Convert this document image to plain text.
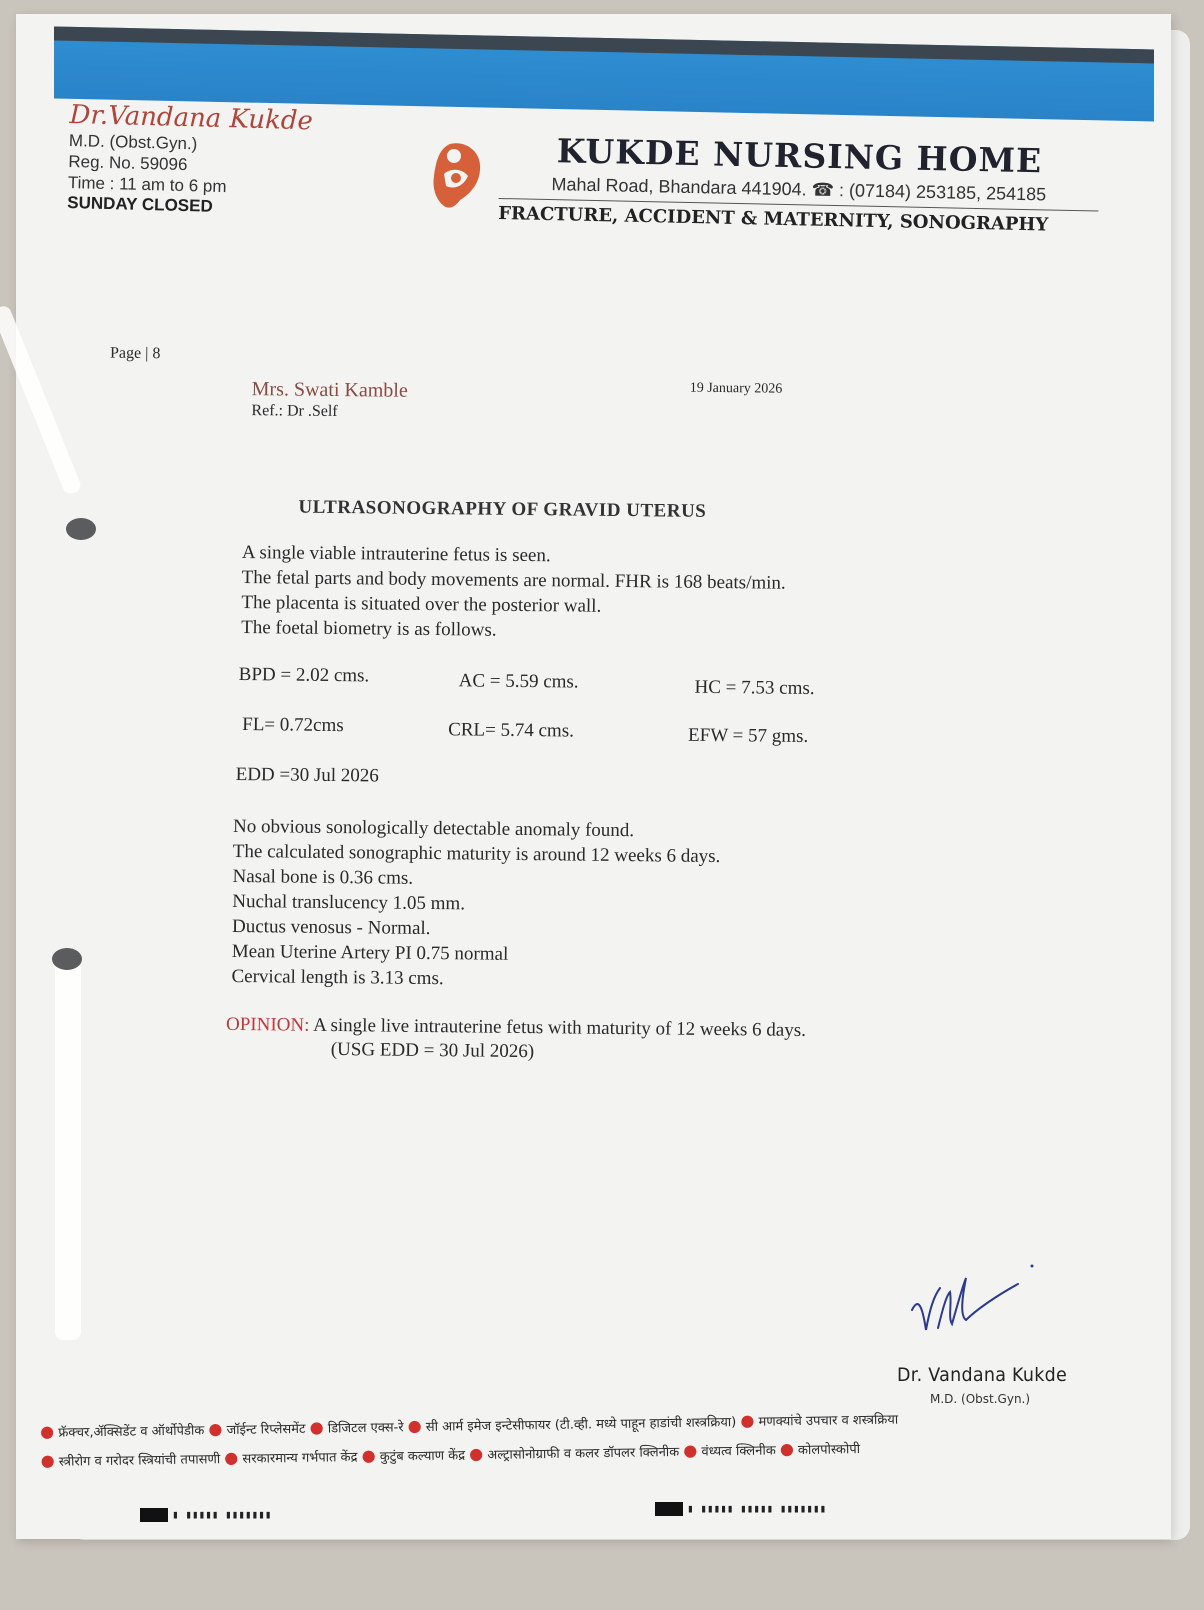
Dr.Vandana Kukde
M.D. (Obst.Gyn.)
Reg. No. 59096
Time : 11 am to 6 pm
SUNDAY CLOSED
KUKDE NURSING HOME
Mahal Road, Bhandara 441904. ☎ : (07184) 253185, 254185
FRACTURE, ACCIDENT & MATERNITY, SONOGRAPHY
Page | 8
Mrs. Swati Kamble
Ref.: Dr .Self
19 January 2026
ULTRASONOGRAPHY OF GRAVID UTERUS
A single viable intrauterine fetus is seen.
The fetal parts and body movements are normal. FHR is 168 beats/min.
The placenta is situated over the posterior wall.
The foetal biometry is as follows.
BPD = 2.02 cms.	AC = 5.59 cms.	HC = 7.53 cms.
FL= 0.72cms	CRL= 5.74 cms.	EFW = 57 gms.
EDD =30 Jul 2026
No obvious sonologically detectable anomaly found.
The calculated sonographic maturity is around 12 weeks 6 days.
Nasal bone is 0.36 cms.
Nuchal translucency 1.05 mm.
Ductus venosus - Normal.
Mean Uterine Artery PI 0.75 normal
Cervical length is 3.13 cms.
OPINION: A single live intrauterine fetus with maturity of 12 weeks 6 days.
(USG EDD = 30 Jul 2026)
Dr. Vandana Kukde
M.D. (Obst.Gyn.)
● फ्रॅक्चर,ॲक्सिडेंट व ऑर्थोपेडीक ● जॉईन्ट रिप्लेसमेंट ● डिजिटल एक्स-रे ● सी आर्म इमेज इन्टेसीफायर (टी.व्ही. मध्ये पाहून हाडांची शस्त्रक्रिया) ● मणक्यांचे उपचार व शस्त्रक्रिया
● स्त्रीरोग व गरोदर स्त्रियांची तपासणी ● सरकारमान्य गर्भपात केंद्र ● कुटुंब कल्याण केंद्र ● अल्ट्रासोनोग्राफी व कलर डॉपलर क्लिनीक ● वंध्यत्व क्लिनीक ● कोलपोस्कोपी
▮ ▮▮▮▮▮ ▮▮▮▮▮▮▮	▮ ▮▮▮▮▮ ▮▮▮▮▮ ▮▮▮▮▮▮▮
